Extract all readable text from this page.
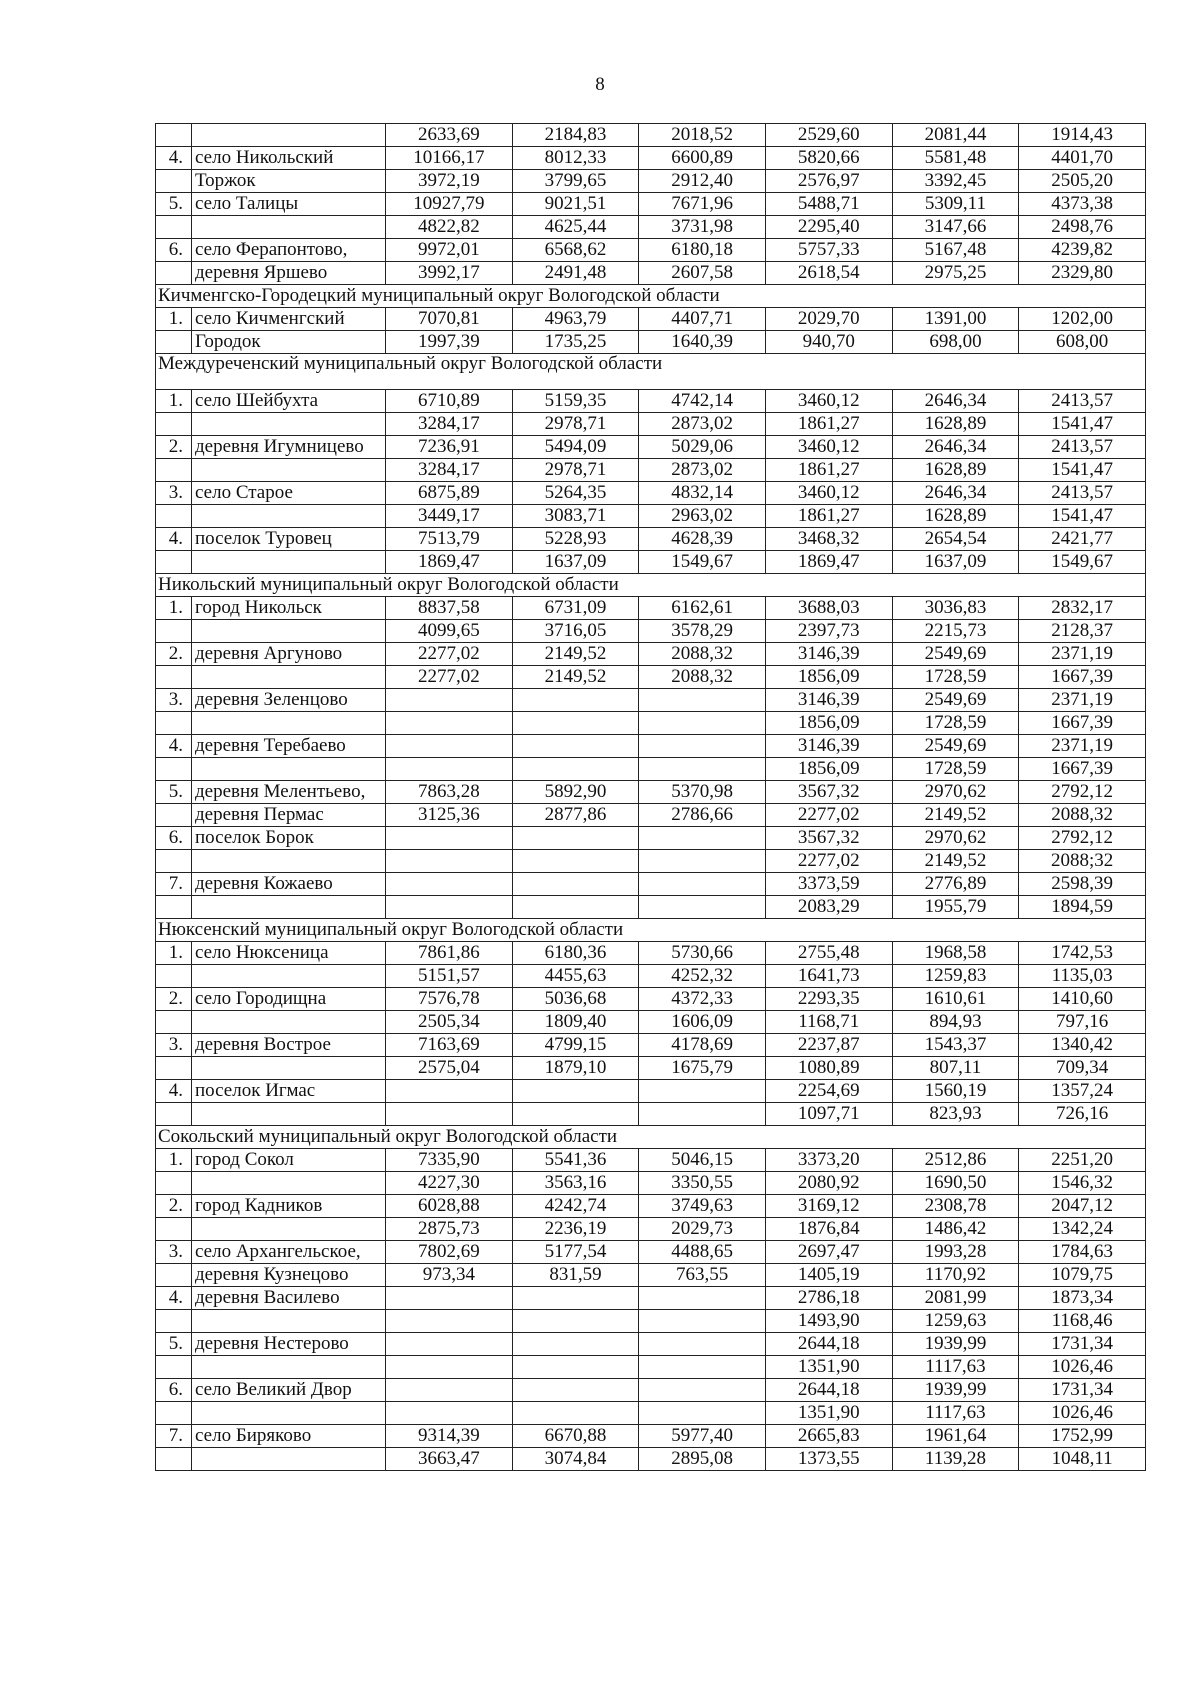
8
		2633,69	2184,83	2018,52	2529,60	2081,44	1914,43
4.	село Никольский	10166,17	8012,33	6600,89	5820,66	5581,48	4401,70
	Торжок	3972,19	3799,65	2912,40	2576,97	3392,45	2505,20
5.	село Талицы	10927,79	9021,51	7671,96	5488,71	5309,11	4373,38
		4822,82	4625,44	3731,98	2295,40	3147,66	2498,76
6.	село Ферапонтово,	9972,01	6568,62	6180,18	5757,33	5167,48	4239,82
	деревня Яршево	3992,17	2491,48	2607,58	2618,54	2975,25	2329,80
Кичменгско-Городецкий муниципальный округ Вологодской области							
1.	село Кичменгский	7070,81	4963,79	4407,71	2029,70	1391,00	1202,00
	Городок	1997,39	1735,25	1640,39	940,70	698,00	608,00
Междуреченский муниципальный округ Вологодской области							
1.	село Шейбухта	6710,89	5159,35	4742,14	3460,12	2646,34	2413,57
		3284,17	2978,71	2873,02	1861,27	1628,89	1541,47
2.	деревня Игумницево	7236,91	5494,09	5029,06	3460,12	2646,34	2413,57
		3284,17	2978,71	2873,02	1861,27	1628,89	1541,47
3.	село Старое	6875,89	5264,35	4832,14	3460,12	2646,34	2413,57
		3449,17	3083,71	2963,02	1861,27	1628,89	1541,47
4.	поселок Туровец	7513,79	5228,93	4628,39	3468,32	2654,54	2421,77
		1869,47	1637,09	1549,67	1869,47	1637,09	1549,67
Никольский муниципальный округ Вологодской области							
1.	город Никольск	8837,58	6731,09	6162,61	3688,03	3036,83	2832,17
		4099,65	3716,05	3578,29	2397,73	2215,73	2128,37
2.	деревня Аргуново	2277,02	2149,52	2088,32	3146,39	2549,69	2371,19
		2277,02	2149,52	2088,32	1856,09	1728,59	1667,39
3.	деревня Зеленцово				3146,39	2549,69	2371,19
					1856,09	1728,59	1667,39
4.	деревня Теребаево				3146,39	2549,69	2371,19
					1856,09	1728,59	1667,39
5.	деревня Мелентьево,	7863,28	5892,90	5370,98	3567,32	2970,62	2792,12
	деревня Пермас	3125,36	2877,86	2786,66	2277,02	2149,52	2088,32
6.	поселок Борок				3567,32	2970,62	2792,12
					2277,02	2149,52	2088;32
7.	деревня Кожаево				3373,59	2776,89	2598,39
					2083,29	1955,79	1894,59
Нюксенский муниципальный округ Вологодской области							
1.	село Нюксеница	7861,86	6180,36	5730,66	2755,48	1968,58	1742,53
		5151,57	4455,63	4252,32	1641,73	1259,83	1135,03
2.	село Городищна	7576,78	5036,68	4372,33	2293,35	1610,61	1410,60
		2505,34	1809,40	1606,09	1168,71	894,93	797,16
3.	деревня Вострое	7163,69	4799,15	4178,69	2237,87	1543,37	1340,42
		2575,04	1879,10	1675,79	1080,89	807,11	709,34
4.	поселок Игмас				2254,69	1560,19	1357,24
					1097,71	823,93	726,16
Сокольский муниципальный округ Вологодской области							
1.	город Сокол	7335,90	5541,36	5046,15	3373,20	2512,86	2251,20
		4227,30	3563,16	3350,55	2080,92	1690,50	1546,32
2.	город Кадников	6028,88	4242,74	3749,63	3169,12	2308,78	2047,12
		2875,73	2236,19	2029,73	1876,84	1486,42	1342,24
3.	село Архангельское,	7802,69	5177,54	4488,65	2697,47	1993,28	1784,63
	деревня Кузнецово	973,34	831,59	763,55	1405,19	1170,92	1079,75
4.	деревня Василево				2786,18	2081,99	1873,34
					1493,90	1259,63	1168,46
5.	деревня Нестерово				2644,18	1939,99	1731,34
					1351,90	1117,63	1026,46
6.	село Великий Двор				2644,18	1939,99	1731,34
					1351,90	1117,63	1026,46
7.	село Биряково	9314,39	6670,88	5977,40	2665,83	1961,64	1752,99
		3663,47	3074,84	2895,08	1373,55	1139,28	1048,11
